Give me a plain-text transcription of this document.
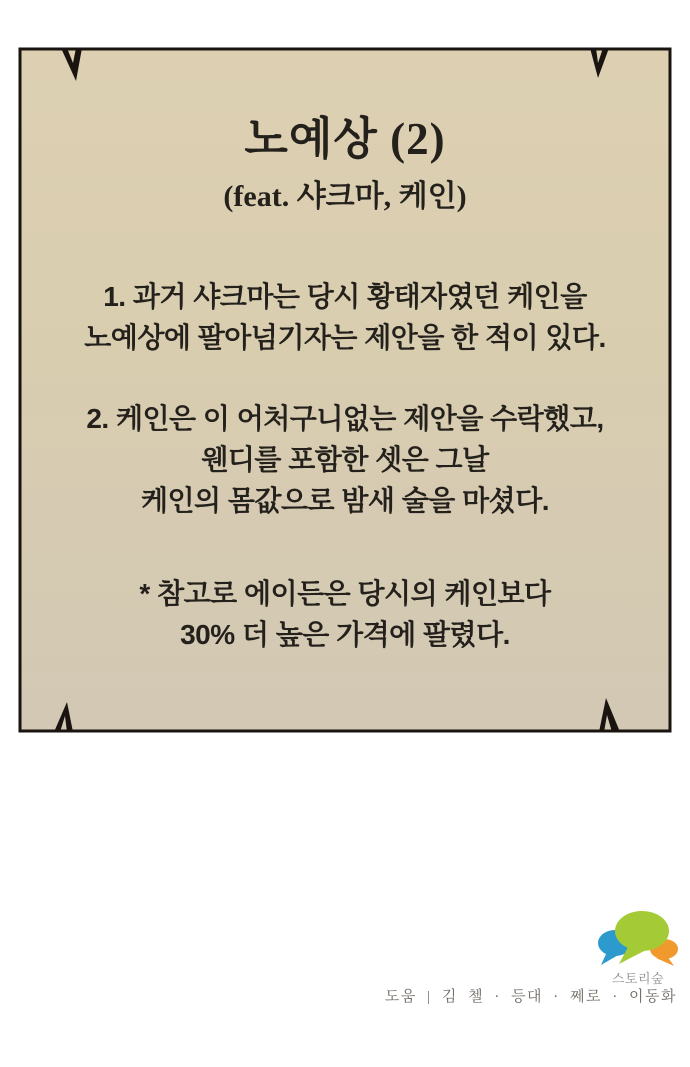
노예상 (2)
(feat. 샤크마, 케인)

1. 과거 샤크마는 당시 황태자였던 케인을
노예상에 팔아넘기자는 제안을 한 적이 있다.

2. 케인은 이 어처구니없는 제안을 수락했고,
웬디를 포함한 셋은 그날
케인의 몸값으로 밤새 술을 마셨다.

* 참고로 에이든은 당시의 케인보다
30% 더 높은 가격에 팔렸다.

스토리숲
도움 | 김 첼 · 등대 · 쩨로 · 이동화
